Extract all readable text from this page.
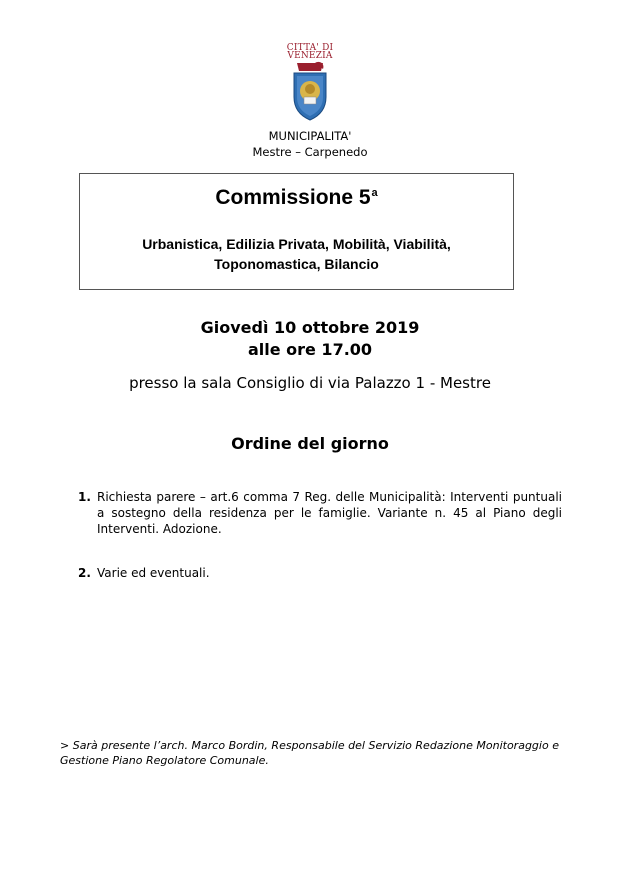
CITTA' DI
VENEZIA
MUNICIPALITA'
Mestre – Carpenedo
Commissione 5$^a$
Urbanistica, Edilizia Privata, Mobilità, Viabilità,
Toponomastica, Bilancio
Giovedì 10 ottobre 2019
alle ore 17.00
presso la sala Consiglio di via Palazzo 1 - Mestre
Ordine del giorno
1. Richiesta parere – art.6 comma 7 Reg. delle Municipalità: Interventi puntuali a sostegno della residenza per le famiglie. Variante n. 45 al Piano degli Interventi. Adozione.
2. Varie ed eventuali.
> Sarà presente l’arch. Marco Bordin, Responsabile del Servizio Redazione Monitoraggio e Gestione Piano Regolatore Comunale.
